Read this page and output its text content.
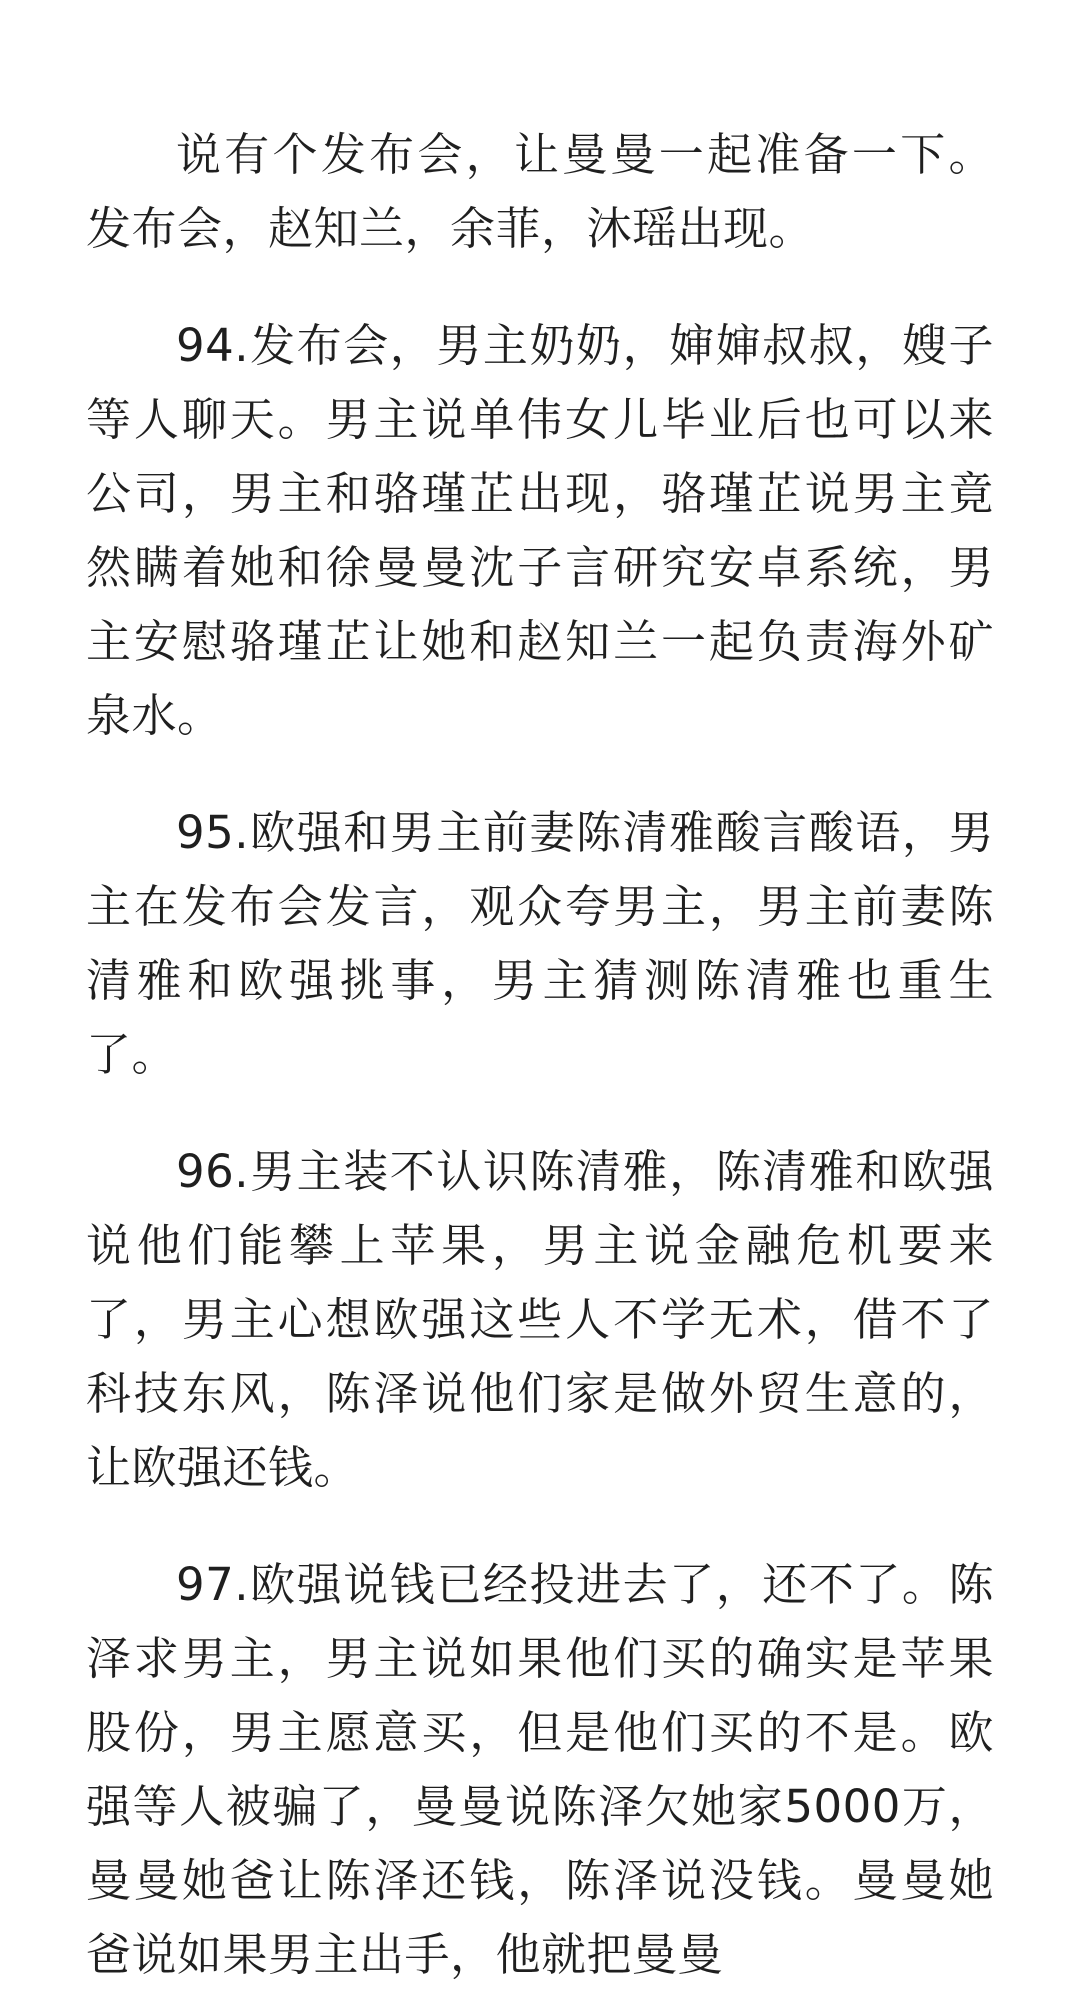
说有个发布会，让曼曼一起准备一下。发布会，赵知兰，余菲，沐瑶出现。

94.发布会，男主奶奶，婶婶叔叔，嫂子等人聊天。男主说单伟女儿毕业后也可以来公司，男主和骆瑾芷出现，骆瑾芷说男主竟然瞒着她和徐曼曼沈子言研究安卓系统，男主安慰骆瑾芷让她和赵知兰一起负责海外矿泉水。

95.欧强和男主前妻陈清雅酸言酸语，男主在发布会发言，观众夸男主，男主前妻陈清雅和欧强挑事，男主猜测陈清雅也重生了。

96.男主装不认识陈清雅，陈清雅和欧强说他们能攀上苹果，男主说金融危机要来了，男主心想欧强这些人不学无术，借不了科技东风，陈泽说他们家是做外贸生意的，让欧强还钱。

97.欧强说钱已经投进去了，还不了。陈泽求男主，男主说如果他们买的确实是苹果股份，男主愿意买，但是他们买的不是。欧强等人被骗了，曼曼说陈泽欠她家5000万，曼曼她爸让陈泽还钱，陈泽说没钱。曼曼她爸说如果男主出手，他就把曼曼
